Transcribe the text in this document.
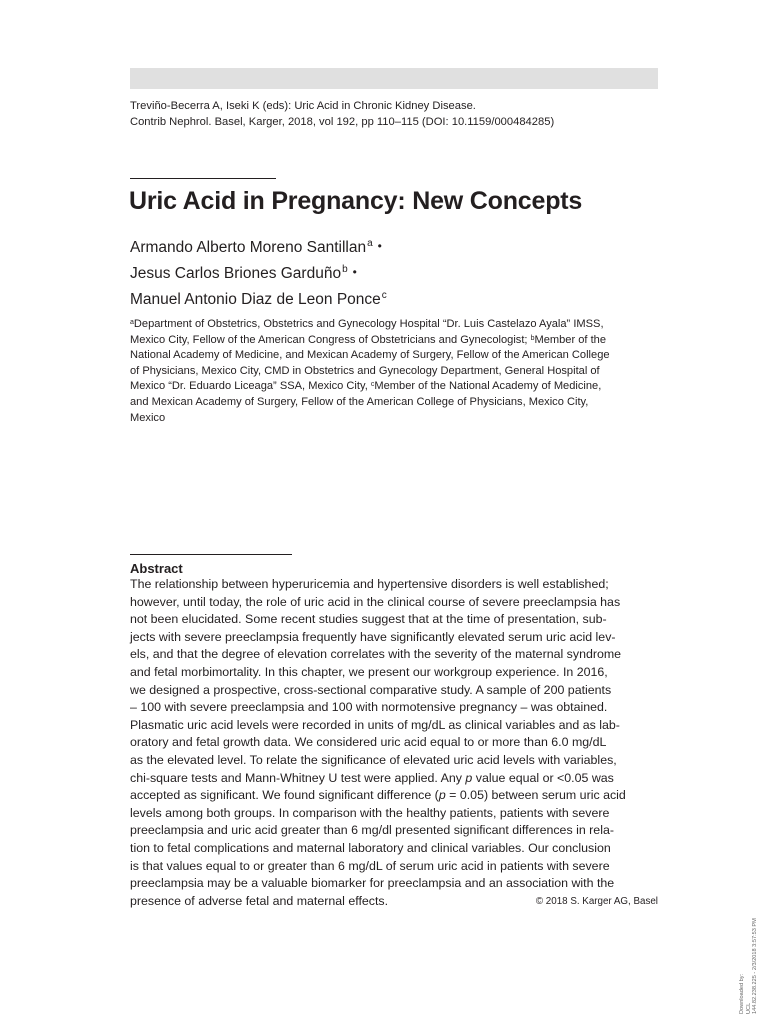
Treviño-Becerra A, Iseki K (eds): Uric Acid in Chronic Kidney Disease.
Contrib Nephrol. Basel, Karger, 2018, vol 192, pp 110–115 (DOI: 10.1159/000484285)
Uric Acid in Pregnancy: New Concepts
Armando Alberto Moreno Santillan$^a$ •
Jesus Carlos Briones Garduño$^b$ •
Manuel Antonio Diaz de Leon Ponce$^c$
$^a$Department of Obstetrics, Obstetrics and Gynecology Hospital “Dr. Luis Castelazo Ayala” IMSS,
Mexico City, Fellow of the American Congress of Obstetricians and Gynecologist; $^b$Member of the
National Academy of Medicine, and Mexican Academy of Surgery, Fellow of the American College
of Physicians, Mexico City, CMD in Obstetrics and Gynecology Department, General Hospital of
Mexico “Dr. Eduardo Liceaga” SSA, Mexico City, $^c$Member of the National Academy of Medicine,
and Mexican Academy of Surgery, Fellow of the American College of Physicians, Mexico City,
Mexico
Abstract
The relationship between hyperuricemia and hypertensive disorders is well established;
however, until today, the role of uric acid in the clinical course of severe preeclampsia has
not been elucidated. Some recent studies suggest that at the time of presentation, sub-
jects with severe preeclampsia frequently have significantly elevated serum uric acid lev-
els, and that the degree of elevation correlates with the severity of the maternal syndrome
and fetal morbimortality. In this chapter, we present our workgroup experience. In 2016,
we designed a prospective, cross-sectional comparative study. A sample of 200 patients
– 100 with severe preeclampsia and 100 with normotensive pregnancy – was obtained.
Plasmatic uric acid levels were recorded in units of mg/dL as clinical variables and as lab-
oratory and fetal growth data. We considered uric acid equal to or more than 6.0 mg/dL
as the elevated level. To relate the significance of elevated uric acid levels with variables,
chi-square tests and Mann-Whitney U test were applied. Any p value equal or <0.05 was
accepted as significant. We found significant difference (p = 0.05) between serum uric acid
levels among both groups. In comparison with the healthy patients, patients with severe
preeclampsia and uric acid greater than 6 mg/dl presented significant differences in rela-
tion to fetal complications and maternal laboratory and clinical variables. Our conclusion
is that values equal to or greater than 6 mg/dL of serum uric acid in patients with severe
preeclampsia may be a valuable biomarker for preeclampsia and an association with the
presence of adverse fetal and maternal effects.	© 2018 S. Karger AG, Basel
Downloaded by: UCL 144.82.238.225 - 2/3/2018 3:57:53 PM
